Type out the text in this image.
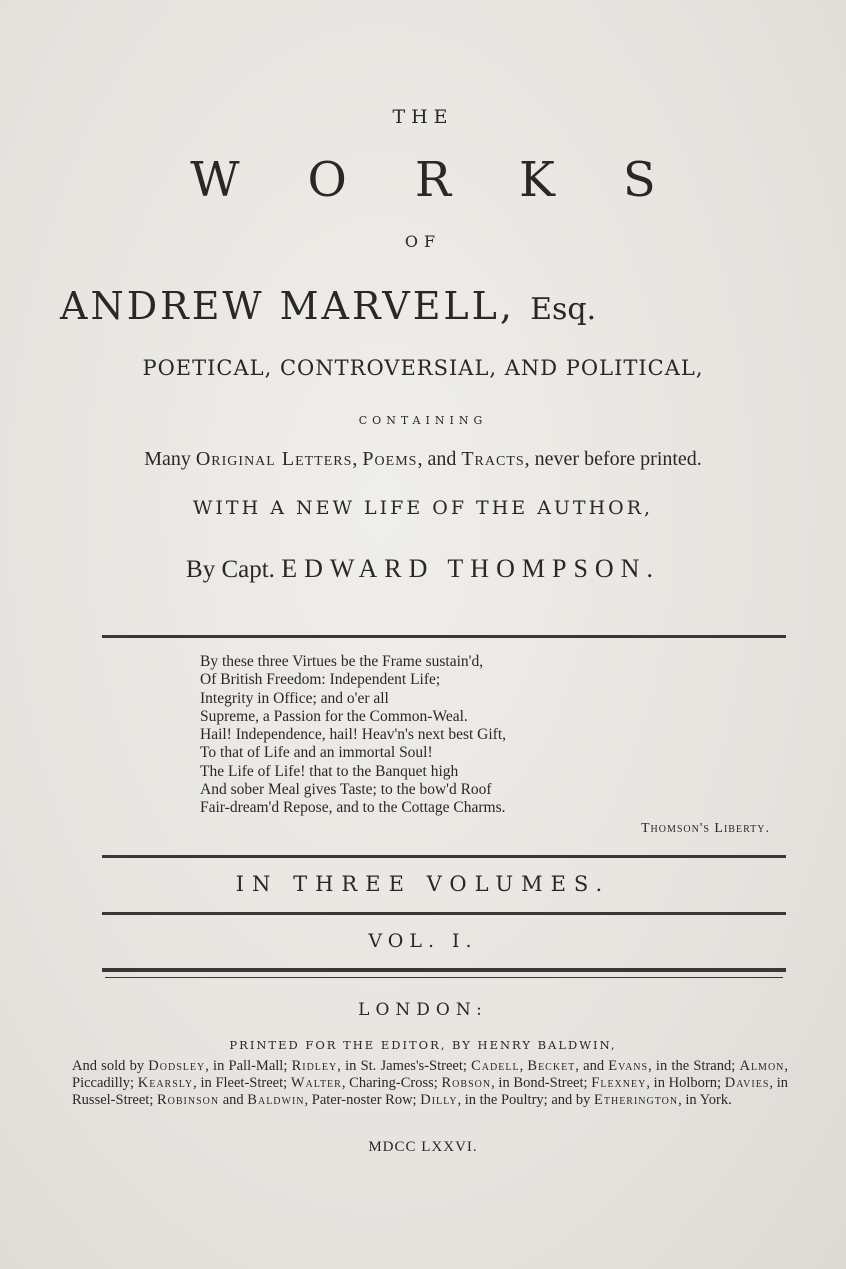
THE
W O R K S
OF
ANDREW MARVELL, Esq.
POETICAL, CONTROVERSIAL, AND POLITICAL,
CONTAINING
Many Original Letters, Poems, and Tracts, never before printed.
WITH A NEW LIFE OF THE AUTHOR,
By Capt. EDWARD THOMPSON.
By these three Virtues be the Frame sustain'd,
Of British Freedom: Independent Life;
Integrity in Office; and o'er all
Supreme, a Passion for the Common-Weal.
Hail! Independence, hail! Heav'n's next best Gift,
To that of Life and an immortal Soul!
The Life of Life! that to the Banquet high
And sober Meal gives Taste; to the bow'd Roof
Fair-dream'd Repose, and to the Cottage Charms.
Thomson's Liberty.
IN THREE VOLUMES.
VOL. I.
LONDON:
PRINTED FOR THE EDITOR, BY HENRY BALDWIN,
And sold by Dodsley, in Pall-Mall; Ridley, in St. James's-Street; Cadell, Becket, and Evans, in the Strand; Almon, Piccadilly; Kearsly, in Fleet-Street; Walter, Charing-Cross; Robson, in Bond-Street; Flexney, in Holborn; Davies, in Russel-Street; Robinson and Baldwin, Pater-noster Row; Dilly, in the Poultry; and by Etherington, in York.
MDCC LXXVI.
